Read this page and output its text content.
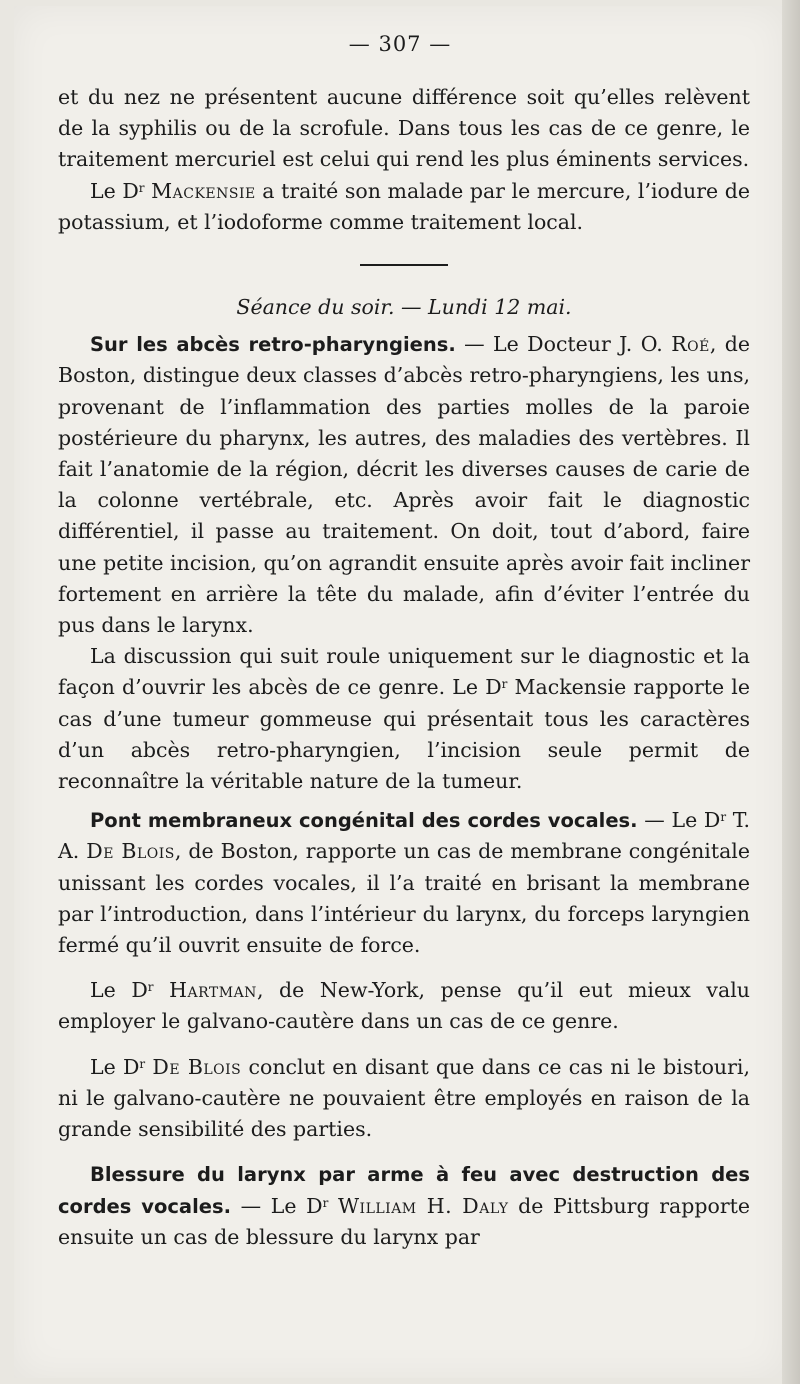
— 307 —

et du nez ne présentent aucune différence soit qu’elles relèvent de la syphilis ou de la scrofule. Dans tous les cas de ce genre, le traitement mercuriel est celui qui rend les plus éminents services.

Le $D^r$ Mackensie a traité son malade par le mercure, l’iodure de potassium, et l’iodoforme comme traitement local.

Séance du soir. — Lundi 12 mai.

Sur les abcès retro-pharyngiens. — Le Docteur J. O. Roé, de Boston, distingue deux classes d’abcès retro-pharyngiens, les uns, provenant de l’inflammation des parties molles de la paroie postérieure du pharynx, les autres, des maladies des vertèbres. Il fait l’anatomie de la région, décrit les diverses causes de carie de la colonne vertébrale, etc. Après avoir fait le diagnostic différentiel, il passe au traitement. On doit, tout d’abord, faire une petite incision, qu’on agrandit ensuite après avoir fait incliner fortement en arrière la tête du malade, afin d’éviter l’entrée du pus dans le larynx.

La discussion qui suit roule uniquement sur le diagnostic et la façon d’ouvrir les abcès de ce genre. Le $D^r$ Mackensie rapporte le cas d’une tumeur gommeuse qui présentait tous les caractères d’un abcès retro-pharyngien, l’incision seule permit de reconnaître la véritable nature de la tumeur.

Pont membraneux congénital des cordes vocales. — Le $D^r$ T. A. De Blois, de Boston, rapporte un cas de membrane congénitale unissant les cordes vocales, il l’a traité en brisant la membrane par l’introduction, dans l’intérieur du larynx, du forceps laryngien fermé qu’il ouvrit ensuite de force.

Le $D^r$ Hartman, de New-York, pense qu’il eut mieux valu employer le galvano-cautère dans un cas de ce genre.

Le $D^r$ De Blois conclut en disant que dans ce cas ni le bistouri, ni le galvano-cautère ne pouvaient être employés en raison de la grande sensibilité des parties.

Blessure du larynx par arme à feu avec destruction des cordes vocales. — Le $D^r$ William H. Daly de Pittsburg rapporte ensuite un cas de blessure du larynx par
